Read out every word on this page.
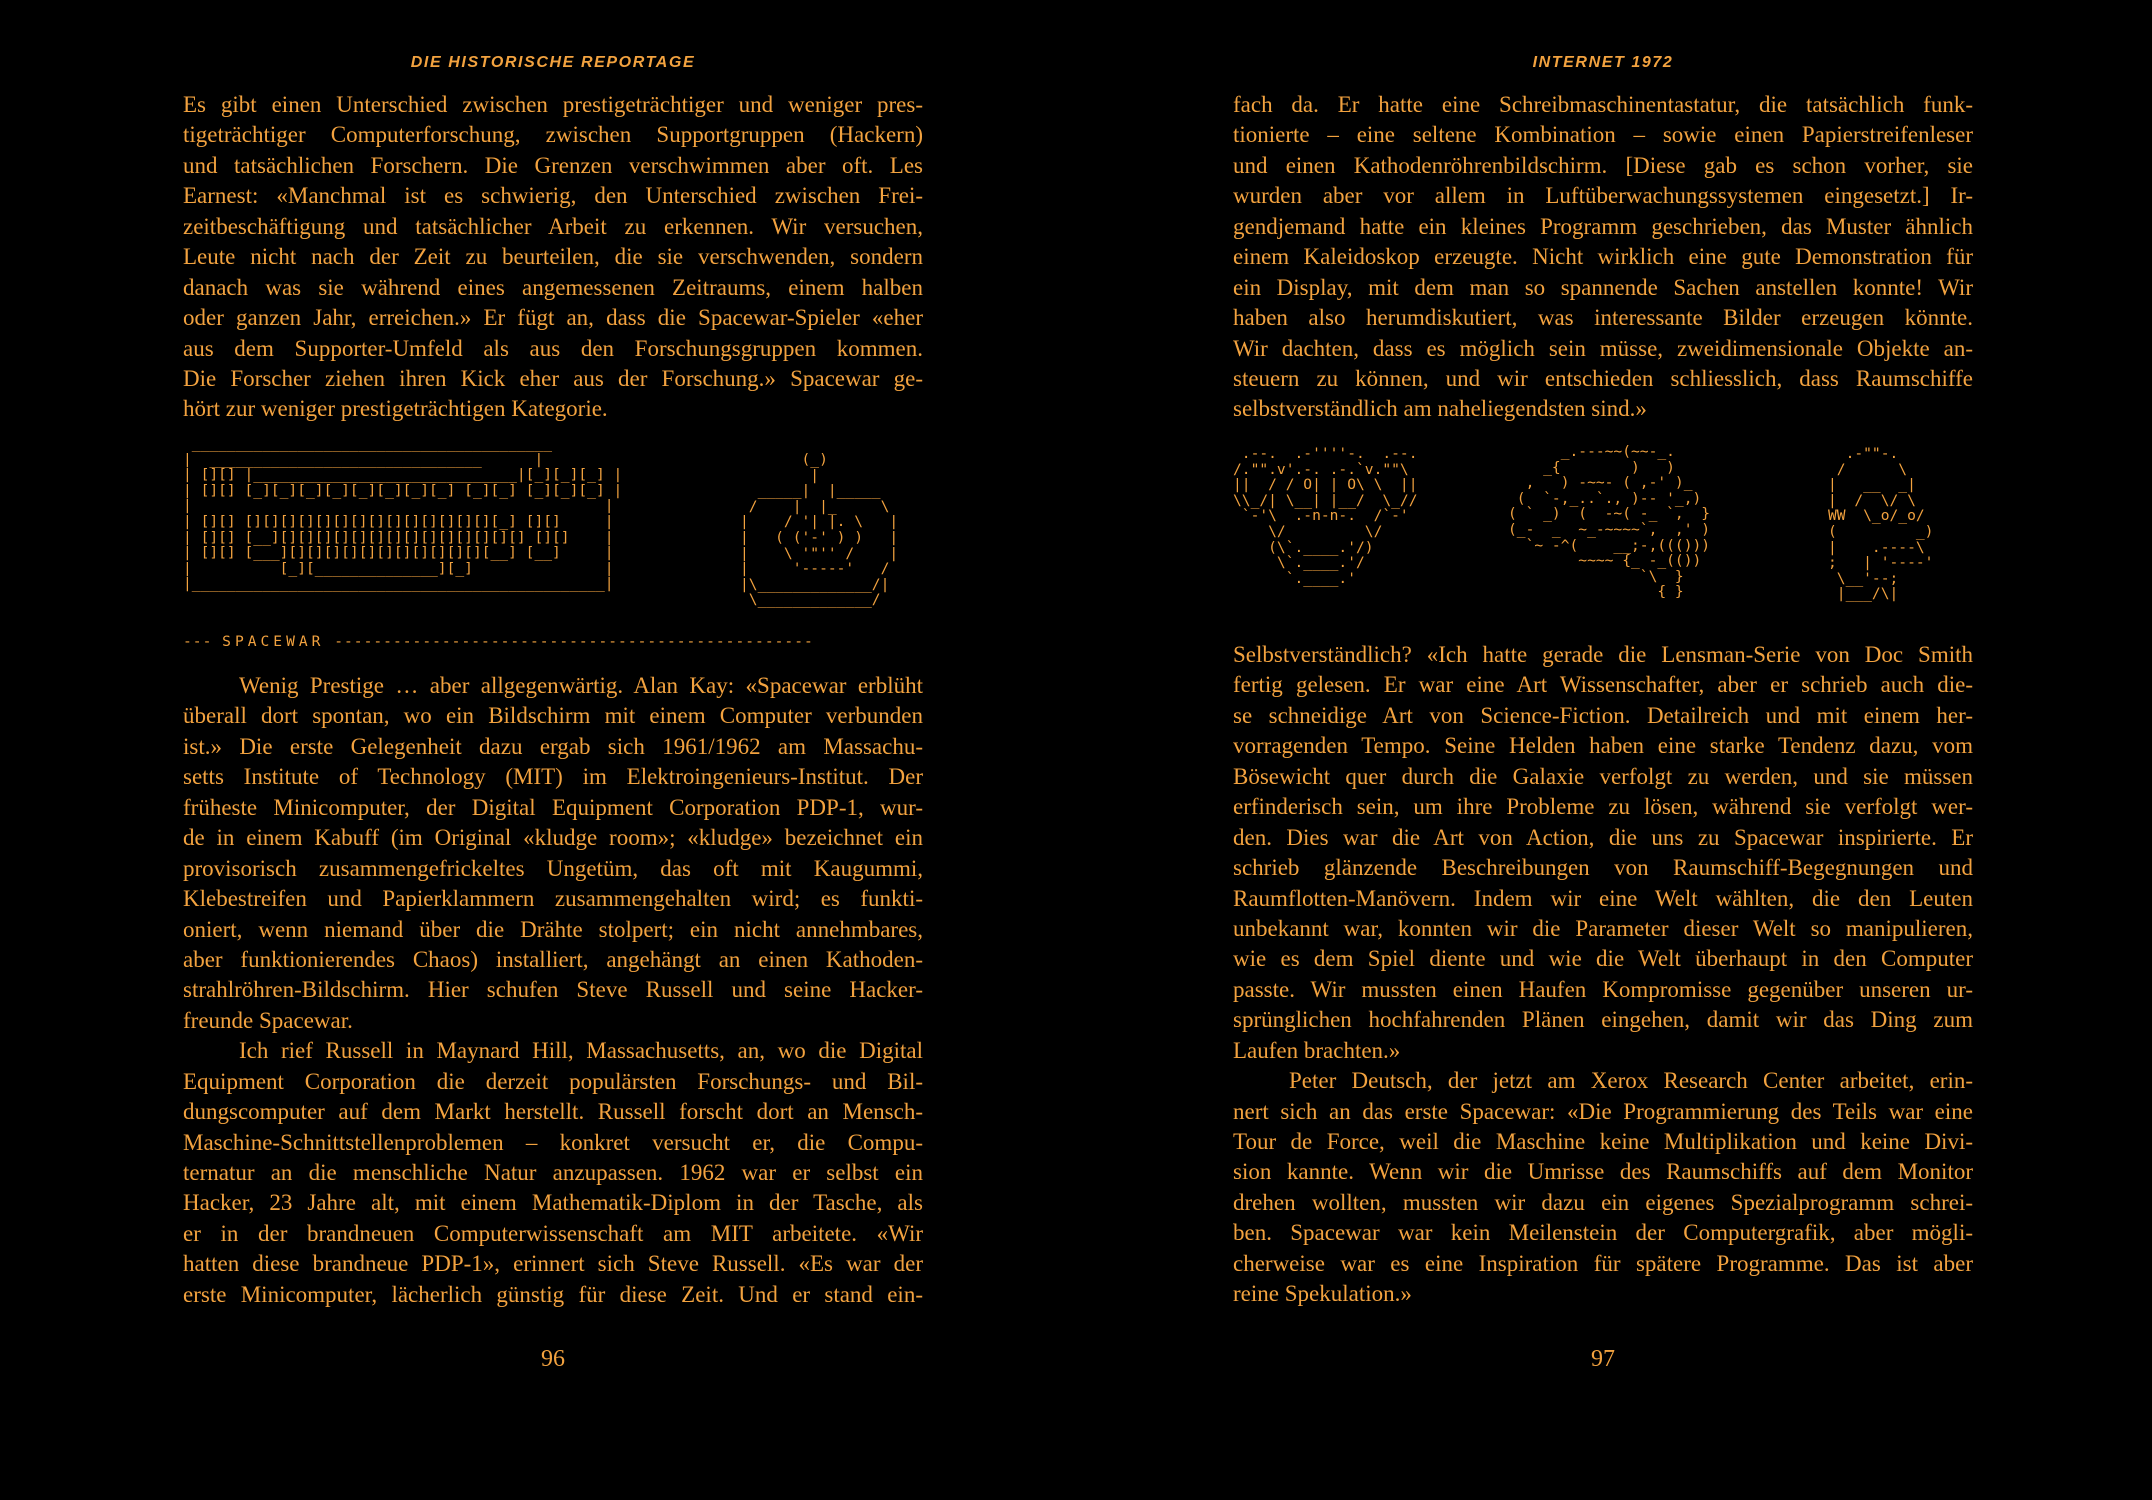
DIE HISTORISCHE REPORTAGE
Es gibt einen Unterschied zwischen prestigeträchtiger und weniger pres-
tigeträchtiger Computerforschung, zwischen Supportgruppen (Hackern)
und tatsächlichen Forschern. Die Grenzen verschwimmen aber oft. Les
Earnest: «Manchmal ist es schwierig, den Unterschied zwischen Frei-
zeitbeschäftigung und tatsächlicher Arbeit zu erkennen. Wir versuchen,
Leute nicht nach der Zeit zu beurteilen, die sie verschwenden, sondern
danach was sie während eines angemessenen Zeitraums, einem halben
oder ganzen Jahr, erreichen.» Er fügt an, dass die Spacewar-Spieler «eher
aus dem Supporter-Umfeld als aus den Forschungsgruppen kommen.
Die Forscher ziehen ihren Kick eher aus der Forschung.» Spacewar ge-
hört zur weniger prestigeträchtigen Kategorie.
_________________________________________
|  _______________________________      |
| [][] |______________________________|[_][_][_] |
| [][] [_][_][_][_][_][_][_][_] [_][_] [_][_][_] |
|                                               |
| [][] [][][][][][][][][][][][][][][_] [][]     |
| [][] [__][][][][][][][][][][][][][][] [][]    |
| [][] [___][][][][][][][][][][][][__] [__]     |
|          [_][______________][_]               |
|_______________________________________________|
(_)
|
_____|  |_____
/    |  |_     \
|    / '| |. \   |
|   ( ('-' ) )   |
|    \ '"'' /    |
|     '-----'   /
|\_____________/|
\_____________/
--- SPACEWAR -------------------------------------------------
Wenig Prestige … aber allgegenwärtig. Alan Kay: «Spacewar erblüht
überall dort spontan, wo ein Bildschirm mit einem Computer verbunden
ist.» Die erste Gelegenheit dazu ergab sich 1961/1962 am Massachu-
setts Institute of Technology (MIT) im Elektroingenieurs-Institut. Der
früheste Minicomputer, der Digital Equipment Corporation PDP-1, wur-
de in einem Kabuff (im Original «kludge room»; «kludge» bezeichnet ein
provisorisch zusammengefrickeltes Ungetüm, das oft mit Kaugummi,
Klebestreifen und Papierklammern zusammengehalten wird; es funkti-
oniert, wenn niemand über die Drähte stolpert; ein nicht annehmbares,
aber funktionierendes Chaos) installiert, angehängt an einen Kathoden-
strahlröhren-Bildschirm. Hier schufen Steve Russell und seine Hacker-
freunde Spacewar.
Ich rief Russell in Maynard Hill, Massachusetts, an, wo die Digital
Equipment Corporation die derzeit populärsten Forschungs- und Bil-
dungscomputer auf dem Markt herstellt. Russell forscht dort an Mensch-
Maschine-Schnittstellenproblemen – konkret versucht er, die Compu-
ternatur an die menschliche Natur anzupassen. 1962 war er selbst ein
Hacker, 23 Jahre alt, mit einem Mathematik-Diplom in der Tasche, als
er in der brandneuen Computerwissenschaft am MIT arbeitete. «Wir
hatten diese brandneue PDP-1», erinnert sich Steve Russell. «Es war der
erste Minicomputer, lächerlich günstig für diese Zeit. Und er stand ein-
96
INTERNET 1972
fach da. Er hatte eine Schreibmaschinentastatur, die tatsächlich funk-
tionierte – eine seltene Kombination – sowie einen Papierstreifenleser
und einen Kathodenröhrenbildschirm. [Diese gab es schon vorher, sie
wurden aber vor allem in Luftüberwachungssystemen eingesetzt.] Ir-
gendjemand hatte ein kleines Programm geschrieben, das Muster ähnlich
einem Kaleidoskop erzeugte. Nicht wirklich eine gute Demonstration für
ein Display, mit dem man so spannende Sachen anstellen konnte! Wir
haben also herumdiskutiert, was interessante Bilder erzeugen könnte.
Wir dachten, dass es möglich sein müsse, zweidimensionale Objekte an-
steuern zu können, und wir entschieden schliesslich, dass Raumschiffe
selbstverständlich am naheliegendsten sind.»
.--.  .-''''-.  .--.
/."".v'.-. .-.`v.""\
||  / / O| | O\ \  ||
\\_/| \__| |__/  \_//
`-'\  .-n-n-.  /`-'
\/         \/
(\`.____.'/)
\`.____.'/
`.____.'
_.---~~(~~-_.
_{        )   )
,   ) -~~- ( ,-' )_
(  `-,_..`., )-- '_,)
( ` _)  (  -~( -_ `,  }
(_-  _  ~_-~~~~`,  ,' )
`~ -^(    __;-,((()))
~~~~ {_ -_(())
`\  }
{ }
.-""-.
/      \
|   __  _|
|  /  \/ \
WW  \_o/_o/
(         _)
|    .----\
;   | '----'
\__'--;
|___/\|
Selbstverständlich? «Ich hatte gerade die Lensman-Serie von Doc Smith
fertig gelesen. Er war eine Art Wissenschafter, aber er schrieb auch die-
se schneidige Art von Science-Fiction. Detailreich und mit einem her-
vorragenden Tempo. Seine Helden haben eine starke Tendenz dazu, vom
Bösewicht quer durch die Galaxie verfolgt zu werden, und sie müssen
erfinderisch sein, um ihre Probleme zu lösen, während sie verfolgt wer-
den. Dies war die Art von Action, die uns zu Spacewar inspirierte. Er
schrieb glänzende Beschreibungen von Raumschiff-Begegnungen und
Raumflotten-Manövern. Indem wir eine Welt wählten, die den Leuten
unbekannt war, konnten wir die Parameter dieser Welt so manipulieren,
wie es dem Spiel diente und wie die Welt überhaupt in den Computer
passte. Wir mussten einen Haufen Kompromisse gegenüber unseren ur-
sprünglichen hochfahrenden Plänen eingehen, damit wir das Ding zum
Laufen brachten.»
Peter Deutsch, der jetzt am Xerox Research Center arbeitet, erin-
nert sich an das erste Spacewar: «Die Programmierung des Teils war eine
Tour de Force, weil die Maschine keine Multiplikation und keine Divi-
sion kannte. Wenn wir die Umrisse des Raumschiffs auf dem Monitor
drehen wollten, mussten wir dazu ein eigenes Spezialprogramm schrei-
ben. Spacewar war kein Meilenstein der Computergrafik, aber mögli-
cherweise war es eine Inspiration für spätere Programme. Das ist aber
reine Spekulation.»
97
